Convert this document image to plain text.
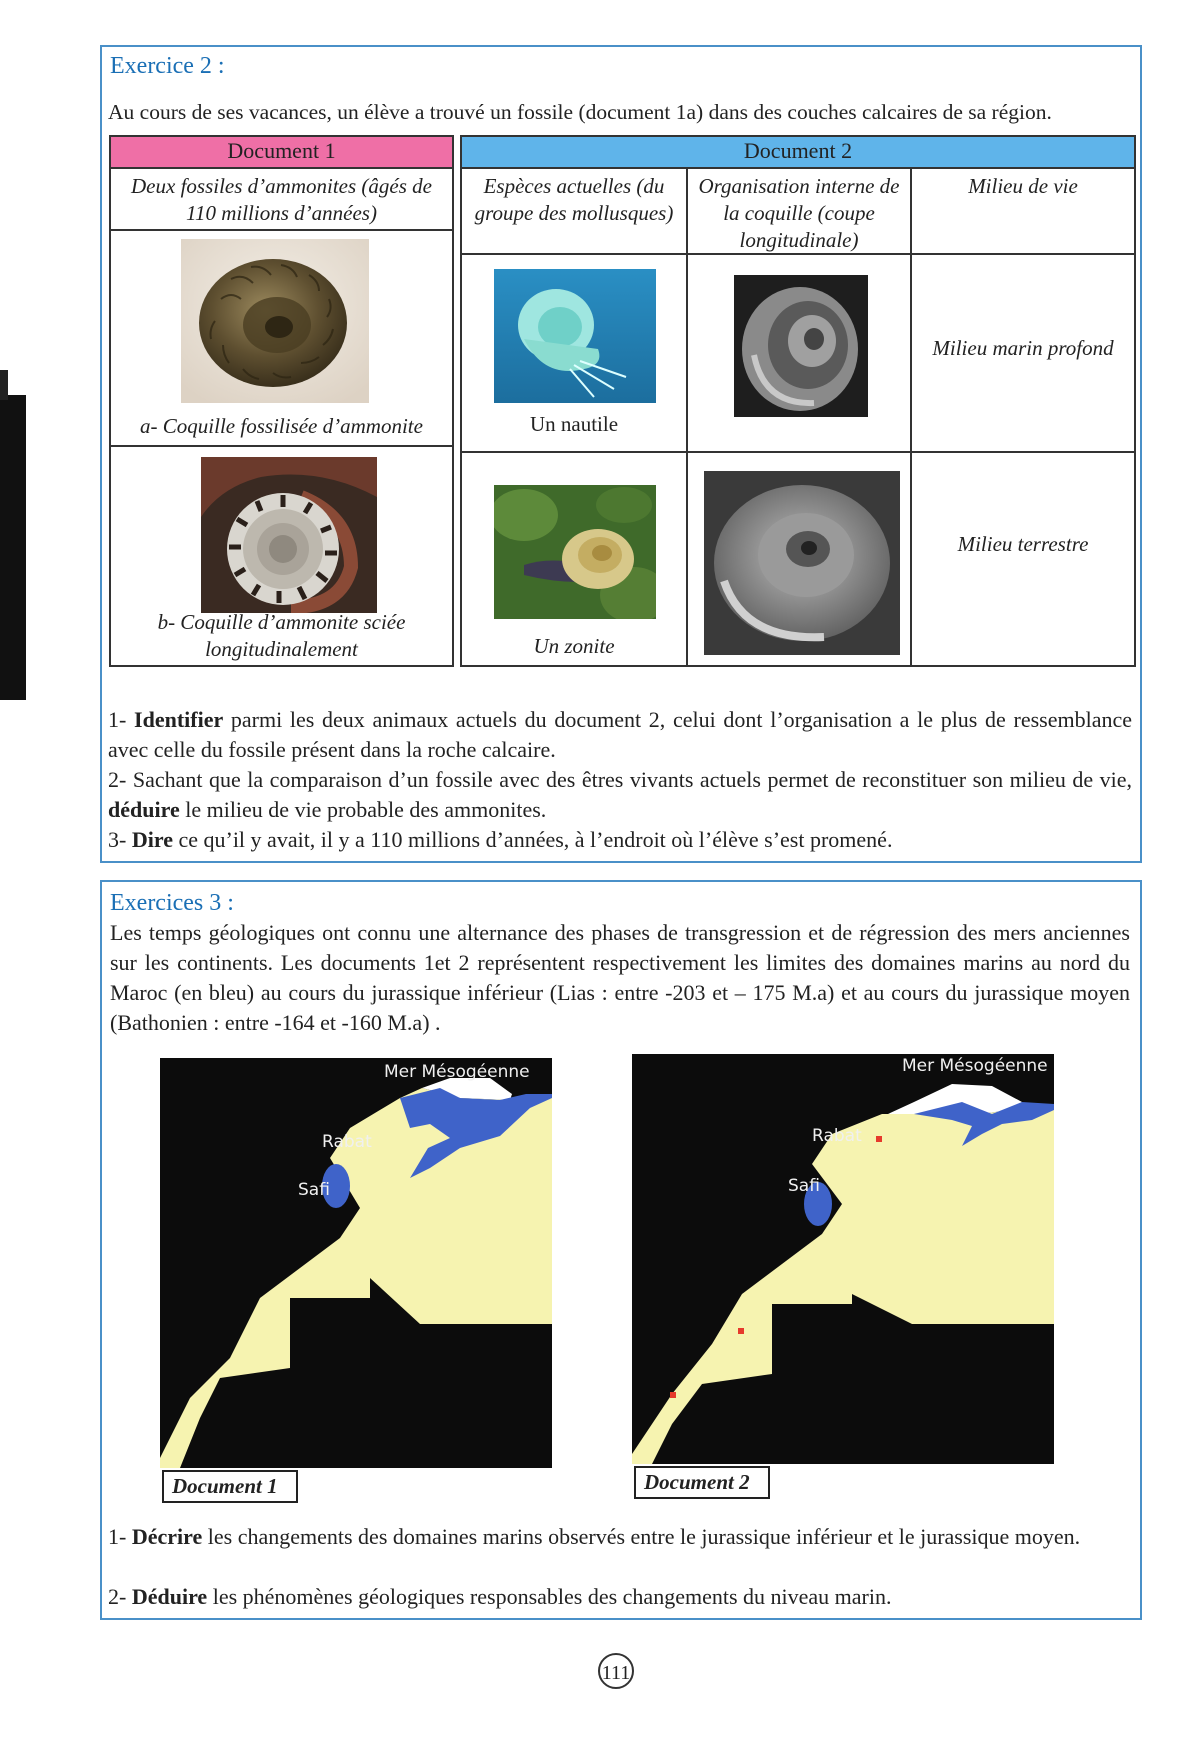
Exercice 2 :
Au cours de ses vacances, un élève a trouvé un fossile (document 1a) dans des couches calcaires de sa région.
Document 1
Deux fossiles d’ammonites (âgés de 110 millions d’années)
a- Coquille fossilisée d’ammonite
b- Coquille d’ammonite sciée longitudinalement
Document 2
Espèces actuelles (du groupe des mollusques)
Organisation interne de la coquille (coupe longitudinale)
Milieu de vie
Un nautile
Milieu marin profond
Un zonite
Milieu terrestre
1- Identifier parmi les deux animaux actuels du document 2, celui dont l’organisation a le plus de ressemblance avec celle du fossile présent dans la roche calcaire.
2- Sachant que la comparaison d’un fossile avec des êtres vivants actuels permet de reconstituer son milieu de vie, déduire le milieu de vie probable des ammonites.
3- Dire ce qu’il y avait, il y a 110 millions d’années, à l’endroit où l’élève s’est promené.
Exercices 3 :
Les temps géologiques ont connu une alternance des phases de transgression et de régression des mers anciennes sur les continents. Les documents 1et 2 représentent respectivement les limites des domaines marins au nord du Maroc (en bleu) au cours du jurassique inférieur (Lias : entre -203 et – 175 M.a) et au cours du jurassique moyen (Bathonien : entre -164 et -160 M.a) .
Mer Mésogéenne
Rabat
Safi
Document 1
Mer Mésogéenne
Rabat
Safi
Document 2
1- Décrire les changements des domaines marins observés entre le jurassique inférieur et le jurassique moyen.
2- Déduire les phénomènes géologiques responsables des changements du niveau marin.
111
